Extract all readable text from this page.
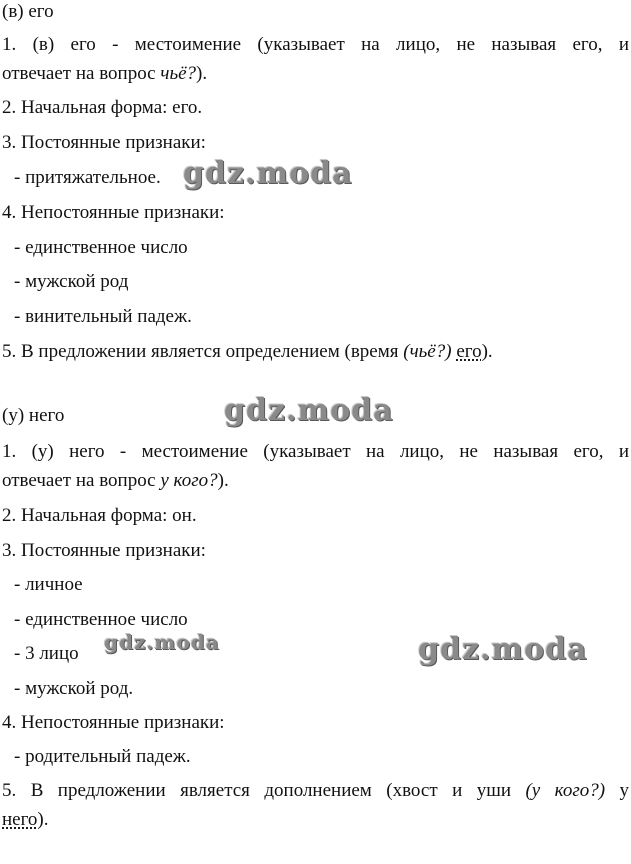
(в) его
1. (в) его - местоимение (указывает на лицо, не называя его, и
отвечает на вопрос чьё?).
2. Начальная форма: его.
3. Постоянные признаки:
- притяжательное.
4. Непостоянные признаки:
- единственное число
- мужской род
- винительный падеж.
5. В предложении является определением (время (чьё?) его).
(у) него
1. (у) него - местоимение (указывает на лицо, не называя его, и
отвечает на вопрос у кого?).
2. Начальная форма: он.
3. Постоянные признаки:
- личное
- единственное число
- 3 лицо
- мужской род.
4. Непостоянные признаки:
- родительный падеж.
5. В предложении является дополнением (хвост и уши (у кого?) у
него).
gdz.moda
gdz.moda
gdz.moda	gdz.moda
